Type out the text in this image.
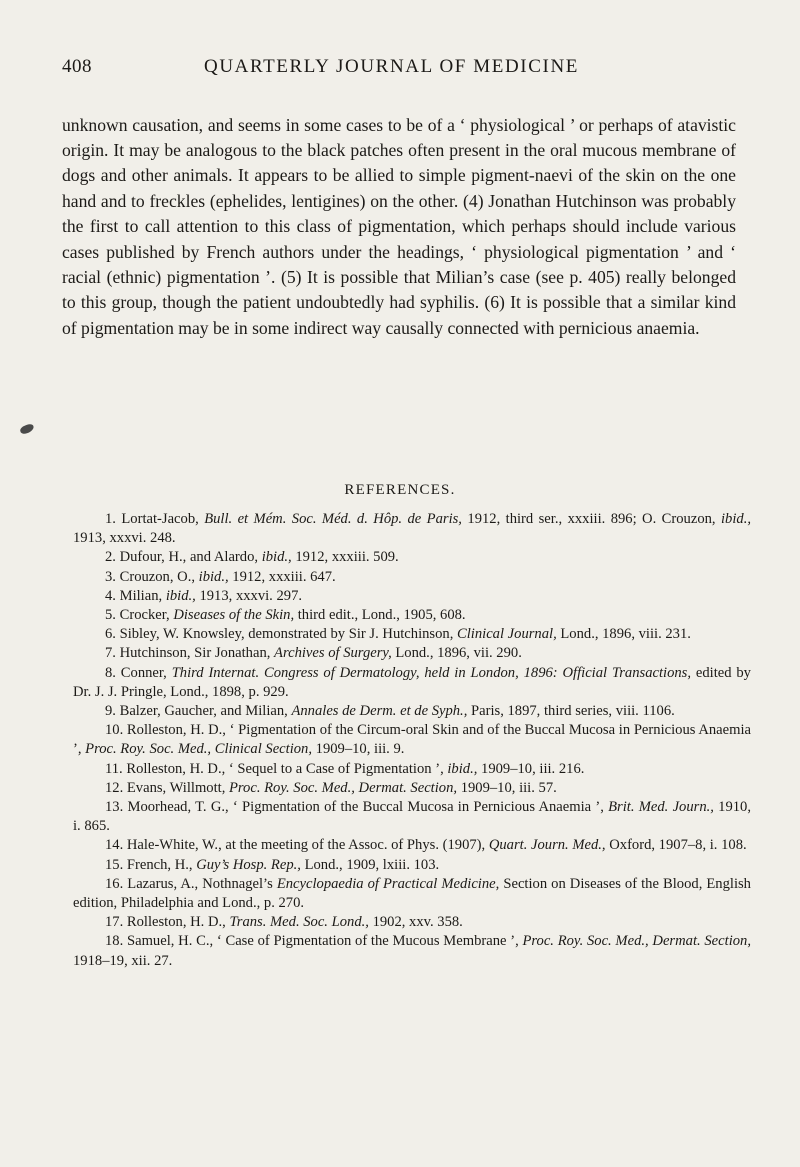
408	QUARTERLY JOURNAL OF MEDICINE

unknown causation, and seems in some cases to be of a ‘ physiological ’ or perhaps of atavistic origin. It may be analogous to the black patches often present in the oral mucous membrane of dogs and other animals. It appears to be allied to simple pigment-naevi of the skin on the one hand and to freckles (ephelides, lentigines) on the other. (4) Jonathan Hutchinson was probably the first to call attention to this class of pigmentation, which perhaps should include various cases published by French authors under the headings, ‘ physiological pigmentation ’ and ‘ racial (ethnic) pigmentation ’. (5) It is possible that Milian’s case (see p. 405) really belonged to this group, though the patient undoubtedly had syphilis. (6) It is possible that a similar kind of pigmentation may be in some indirect way causally connected with pernicious anaemia.

REFERENCES.

1. Lortat-Jacob, Bull. et Mém. Soc. Méd. d. Hôp. de Paris, 1912, third ser., xxxiii. 896; O. Crouzon, ibid., 1913, xxxvi. 248.

2. Dufour, H., and Alardo, ibid., 1912, xxxiii. 509.

3. Crouzon, O., ibid., 1912, xxxiii. 647.

4. Milian, ibid., 1913, xxxvi. 297.

5. Crocker, Diseases of the Skin, third edit., Lond., 1905, 608.

6. Sibley, W. Knowsley, demonstrated by Sir J. Hutchinson, Clinical Journal, Lond., 1896, viii. 231.

7. Hutchinson, Sir Jonathan, Archives of Surgery, Lond., 1896, vii. 290.

8. Conner, Third Internat. Congress of Dermatology, held in London, 1896: Official Transactions, edited by Dr. J. J. Pringle, Lond., 1898, p. 929.

9. Balzer, Gaucher, and Milian, Annales de Derm. et de Syph., Paris, 1897, third series, viii. 1106.

10. Rolleston, H. D., ‘ Pigmentation of the Circum-oral Skin and of the Buccal Mucosa in Pernicious Anaemia ’, Proc. Roy. Soc. Med., Clinical Section, 1909–10, iii. 9.

11. Rolleston, H. D., ‘ Sequel to a Case of Pigmentation ’, ibid., 1909–10, iii. 216.

12. Evans, Willmott, Proc. Roy. Soc. Med., Dermat. Section, 1909–10, iii. 57.

13. Moorhead, T. G., ‘ Pigmentation of the Buccal Mucosa in Pernicious Anaemia ’, Brit. Med. Journ., 1910, i. 865.

14. Hale-White, W., at the meeting of the Assoc. of Phys. (1907), Quart. Journ. Med., Oxford, 1907–8, i. 108.

15. French, H., Guy’s Hosp. Rep., Lond., 1909, lxiii. 103.

16. Lazarus, A., Nothnagel’s Encyclopaedia of Practical Medicine, Section on Diseases of the Blood, English edition, Philadelphia and Lond., p. 270.

17. Rolleston, H. D., Trans. Med. Soc. Lond., 1902, xxv. 358.

18. Samuel, H. C., ‘ Case of Pigmentation of the Mucous Membrane ’, Proc. Roy. Soc. Med., Dermat. Section, 1918–19, xii. 27.
